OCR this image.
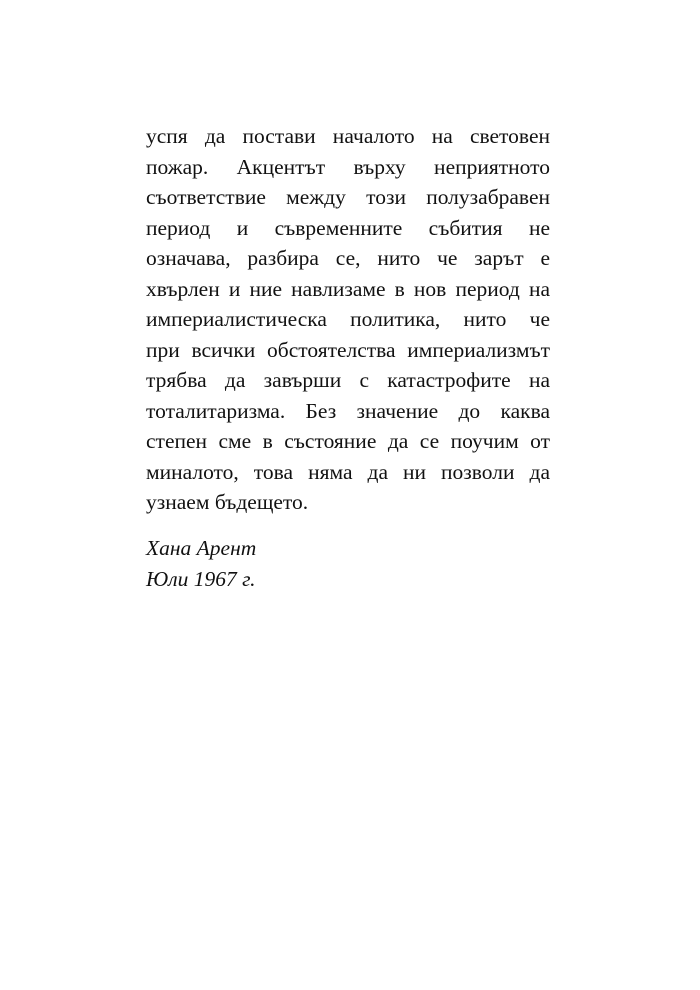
успя да постави началото на световен
пожар. Акцентът върху неприятното
съответствие между този полузабравен
период и съвременните събития не
означава, разбира се, нито че зарът е
хвърлен и ние навлизаме в нов период на
империалистическа политика, нито че
при всички обстоятелства империализмът
трябва да завърши с катастрофите на
тоталитаризма. Без значение до каква
степен сме в състояние да се поучим от
миналото, това няма да ни позволи да
узнаем бъдещето.
Хана Арент
Юли 1967 г.
